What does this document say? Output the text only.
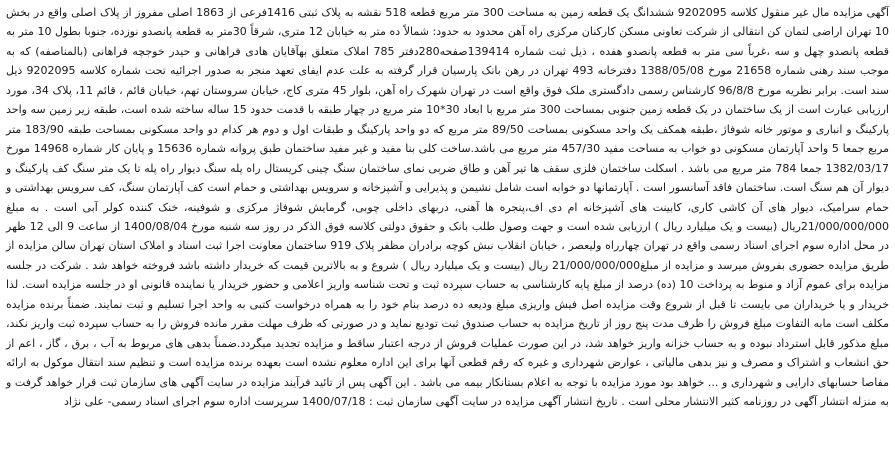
آگهی مزایده مال غیر منقول کلاسه 9202095 ششدانگ یک قطعه زمین به مساحت 300 متر مربع قطعه 518 نقشه به پلاک ثبتی 1416فرعی از 1863 اصلی مفروز از پلاک اصلی واقع در بخش 10 تهران اراضی لتمان کن انتقالی از شرکت تعاونی مسکن کارکنان مرکزی راه آهن محدود به حدود: شمالاً ده متر به خیابان 12 متری، شرقاً 30متر به قطعه پانصدو نوزده، جنوبا بطول 10 متر به قطعه پانصدو چهل و سه ،غرباً سی متر به قطعه پانصدو هفده ، ذیل ثبت شماره 139414صفحه280دفتر 785 املاک متعلق بهآقایان هادی فراهانی و حیدر خوجچه فراهانی (بالمناصفه) که به موجب سند رهنی شماره 21658 مورخ 1388/05/08 دفترخانه 493 تهران در رهن بانک پارسیان قرار گرفته به علت عدم ایفای تعهد منجر به صدور اجرائیه تحت شماره کلاسه 9202095 ذیل سند است. برابر نظریه مورخ 96/8/8 کارشناس رسمی دادگستری ملک فوق واقع است در تهران شهرک راه آهن، بلوار 45 متری کاج، خیابان سروستان تهم، خیابان قائم ، قائم 11، پلاک 34، مورد ارزیابی عبارت است از یک ساختمان در یک قطعه زمین جنوبی بمساحت 300 متر مربع با ابعاد 30*10 متر مربع در چهار طبقه با قدمت حدود 15 ساله ساخته شده است، طبقه زیر زمین سه واحد پارکینگ و انباری و موتور خانه شوفاژ ،طبقه همکف یک واحد مسکونی بمساحت 89/50 متر مربع که دو واحد پارکینگ و طبقات اول و دوم هر کدام دو واحد مسکونی بمساحت طبقه 183/90 متر مربع جمعا 5 واحد آپارتمان مسکونی دو خواب به مساحت مفید 457/30 متر مربع می باشد.ساخت کلی بنا مفید و غیر مفید ساختمان طبق پروانه شماره 15636 و پایان کار شماره 14968 مورخ 1382/03/17 جمعا 784 متر مربع می باشد . اسکلت ساختمان فلزی سقف ها تیر آهن و طاق ضربی نمای ساختمان سنگ چینی کریستال راه پله سنگ دیوار راه پله تا یک متر سنگ کف پارکینگ و دیوار آن هم سنگ است. ساختمان فاقد آسانسور است . آپارتمانها دو خوابه است شامل نشیمن و پذیرایی و آشپزخانه و سرویس بهداشتی و حمام است کف آپارتمان سنگ، کف سرویس بهداشتی و حمام سرامیک، دیوار های آن کاشی کاری، کابینت های آشپزخانه ام دی اف،پنجره ها آهنی، دربهای داخلی چوبی، گرمایش شوفاژ مرکزی و شوفینه، خنک کننده کولر آبی است . به مبلغ 21/000/000/000ریال (بیست و یک میلیارد ریال ) ارزیابی شده است و جهت وصول طلب بانک و حقوق دولتی کلاسه فوق الذکر در روز سه شنبه مورخ 1400/08/04 از ساعت 9 الی 12 ظهر در محل اداره سوم اجرای اسناد رسمی واقع در تهران چهارراه ولیعصر ، خیابان انقلاب نبش کوچه برادران مظفر پلاک 919 ساختمان معاونت اجرا ثبت اسناد و املاک استان تهران سالن مزایده از طریق مزایده حضوری بفروش میرسد و مزایده از مبلغ21/000/000/000 ریال (بیست و یک میلیارد ریال ) شروع و به بالاترین قیمت که خریدار داشته باشد فروخته خواهد شد . شرکت در جلسه مزایده برای عموم آزاد و منوط به پرداخت 10 (ده) درصد از مبلغ پایه کارشناسی به حساب سپرده ثبت و تحت شناسه واریز اعلامی و حضور خریدار یا نماینده قانونی او در جلسه مزایده است. لذا خریدار و یا خریداران می بایست تا قبل از شروع وقت مزایده اصل فیش واریزی مبلغ ودیعه ده درصد بنام خود را به همراه درخواست کتبی به واحد اجرا تسلیم و ثبت نمایند. ضمناً برنده مزایده مکلف است مابه التفاوت مبلغ فروش را ظرف مدت پنج روز از تاریخ مزایده به حساب صندوق ثبت تودیع نماید و در صورتی که ظرف مهلت مقرر مانده فروش را به حساب سپرده ثبت واریز نکند، مبلغ مذکور قابل استرداد نبوده و به حساب خزانه واریز خواهد شد، در این صورت عملیات فروش از درجه اعتبار ساقط و مزایده تجدید میگردد.ضمناً بدهی های مربوط به آب ، برق ، گاز ، اعم از حق انشعاب و اشتراک و مصرف و نیز بدهی مالیاتی ، عوارض شهرداری و غیره که رقم قطعی آنها برای این اداره معلوم نشده است بعهده برنده مزایده است و تنظیم سند انتقال موکول به ارائه مفاصا حسابهای دارایی و شهرداری و ... خواهد بود مورد مزایده با توجه به اعلام بستانکار بیمه می باشد . این آگهی پس از تائید فرآیند مزایده در سایت آگهی های سازمان ثبت قرار خواهد گرفت و به منزله انتشار آگهی در روزنامه کثیر الانتشار محلی است . تاریخ انتشار آگهی مزایده در سایت آگهی سازمان ثبت : 1400/07/18 سرپرست اداره سوم اجرای اسناد رسمی- علی نژاد
